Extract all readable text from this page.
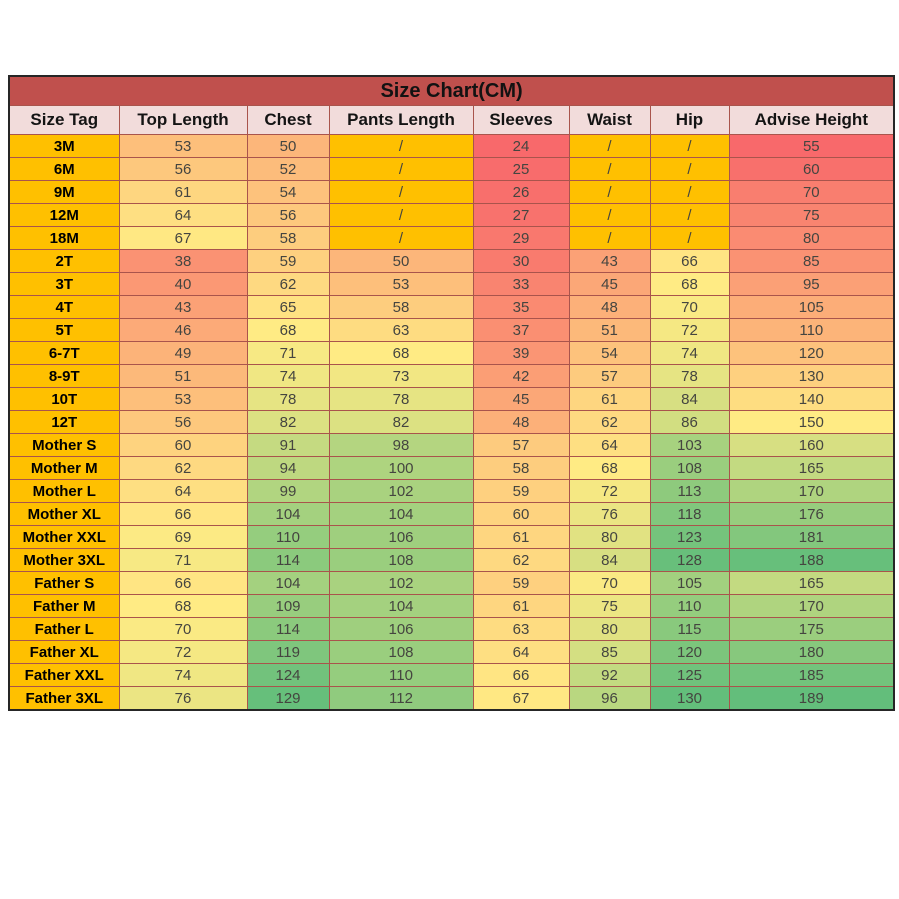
Size Chart(CM)							
Size Tag	Top Length	Chest	Pants Length	Sleeves	Waist	Hip	Advise Height
3M	53	50	/	24	/	/	55
6M	56	52	/	25	/	/	60
9M	61	54	/	26	/	/	70
12M	64	56	/	27	/	/	75
18M	67	58	/	29	/	/	80
2T	38	59	50	30	43	66	85
3T	40	62	53	33	45	68	95
4T	43	65	58	35	48	70	105
5T	46	68	63	37	51	72	110
6-7T	49	71	68	39	54	74	120
8-9T	51	74	73	42	57	78	130
10T	53	78	78	45	61	84	140
12T	56	82	82	48	62	86	150
Mother S	60	91	98	57	64	103	160
Mother M	62	94	100	58	68	108	165
Mother L	64	99	102	59	72	113	170
Mother XL	66	104	104	60	76	118	176
Mother XXL	69	110	106	61	80	123	181
Mother 3XL	71	114	108	62	84	128	188
Father S	66	104	102	59	70	105	165
Father M	68	109	104	61	75	110	170
Father L	70	114	106	63	80	115	175
Father XL	72	119	108	64	85	120	180
Father XXL	74	124	110	66	92	125	185
Father 3XL	76	129	112	67	96	130	189
